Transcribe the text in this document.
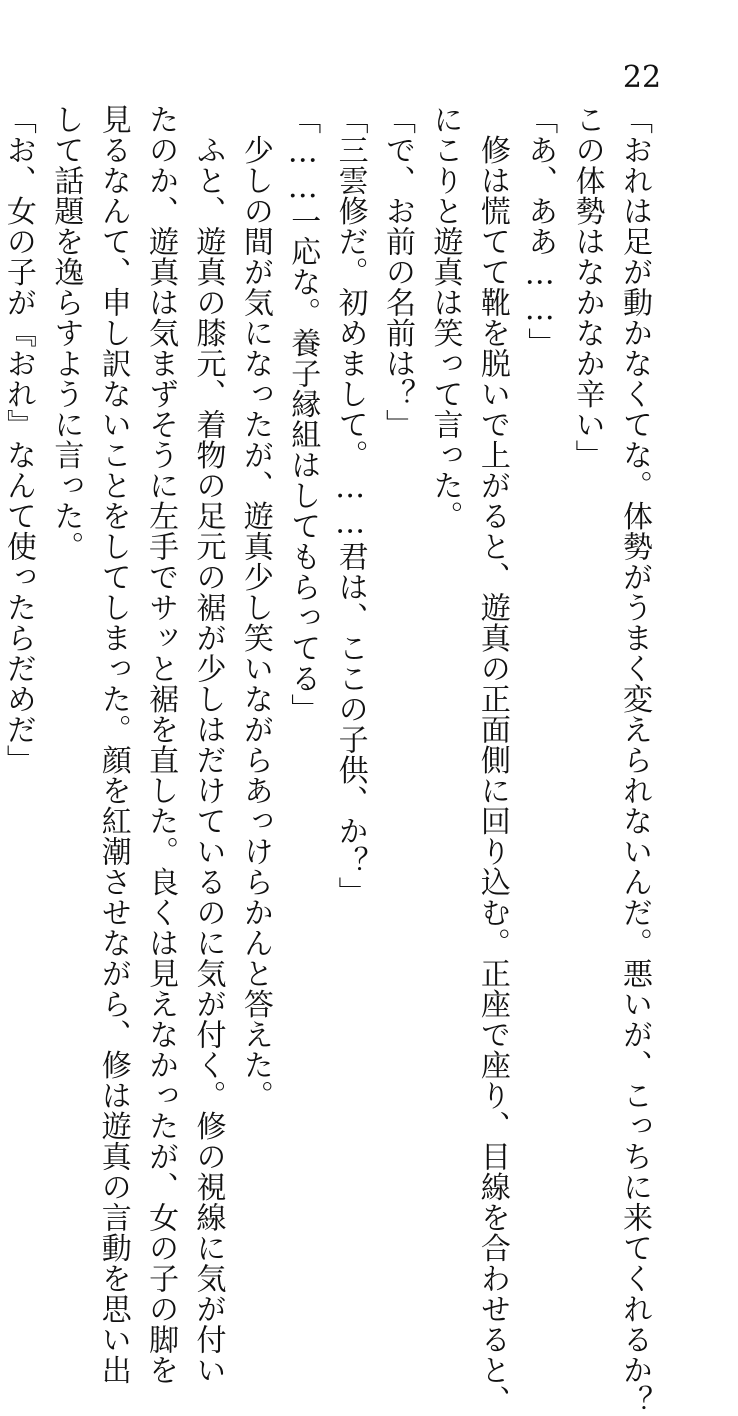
22
「おれは足が動かなくてな。体勢がうまく変えられないんだ。悪いが、こっちに来てくれるか？
この体勢はなかなか辛い」
「あ、ああ……」
　修は慌てて靴を脱いで上がると、遊真の正面側に回り込む。正座で座り、目線を合わせると、
にこりと遊真は笑って言った。
「で、お前の名前は？」
「三雲修だ。初めまして。……君は、ここの子供、か？」
「……一応な。養子縁組はしてもらってる」
　少しの間が気になったが、遊真少し笑いながらあっけらかんと答えた。
　ふと、遊真の膝元、着物の足元の裾が少しはだけているのに気が付く。修の視線に気が付い
たのか、遊真は気まずそうに左手でサッと裾を直した。良くは見えなかったが、女の子の脚を
見るなんて、申し訳ないことをしてしまった。顔を紅潮させながら、修は遊真の言動を思い出
して話題を逸らすように言った。
「お、女の子が『おれ』なんて使ったらだめだ」
